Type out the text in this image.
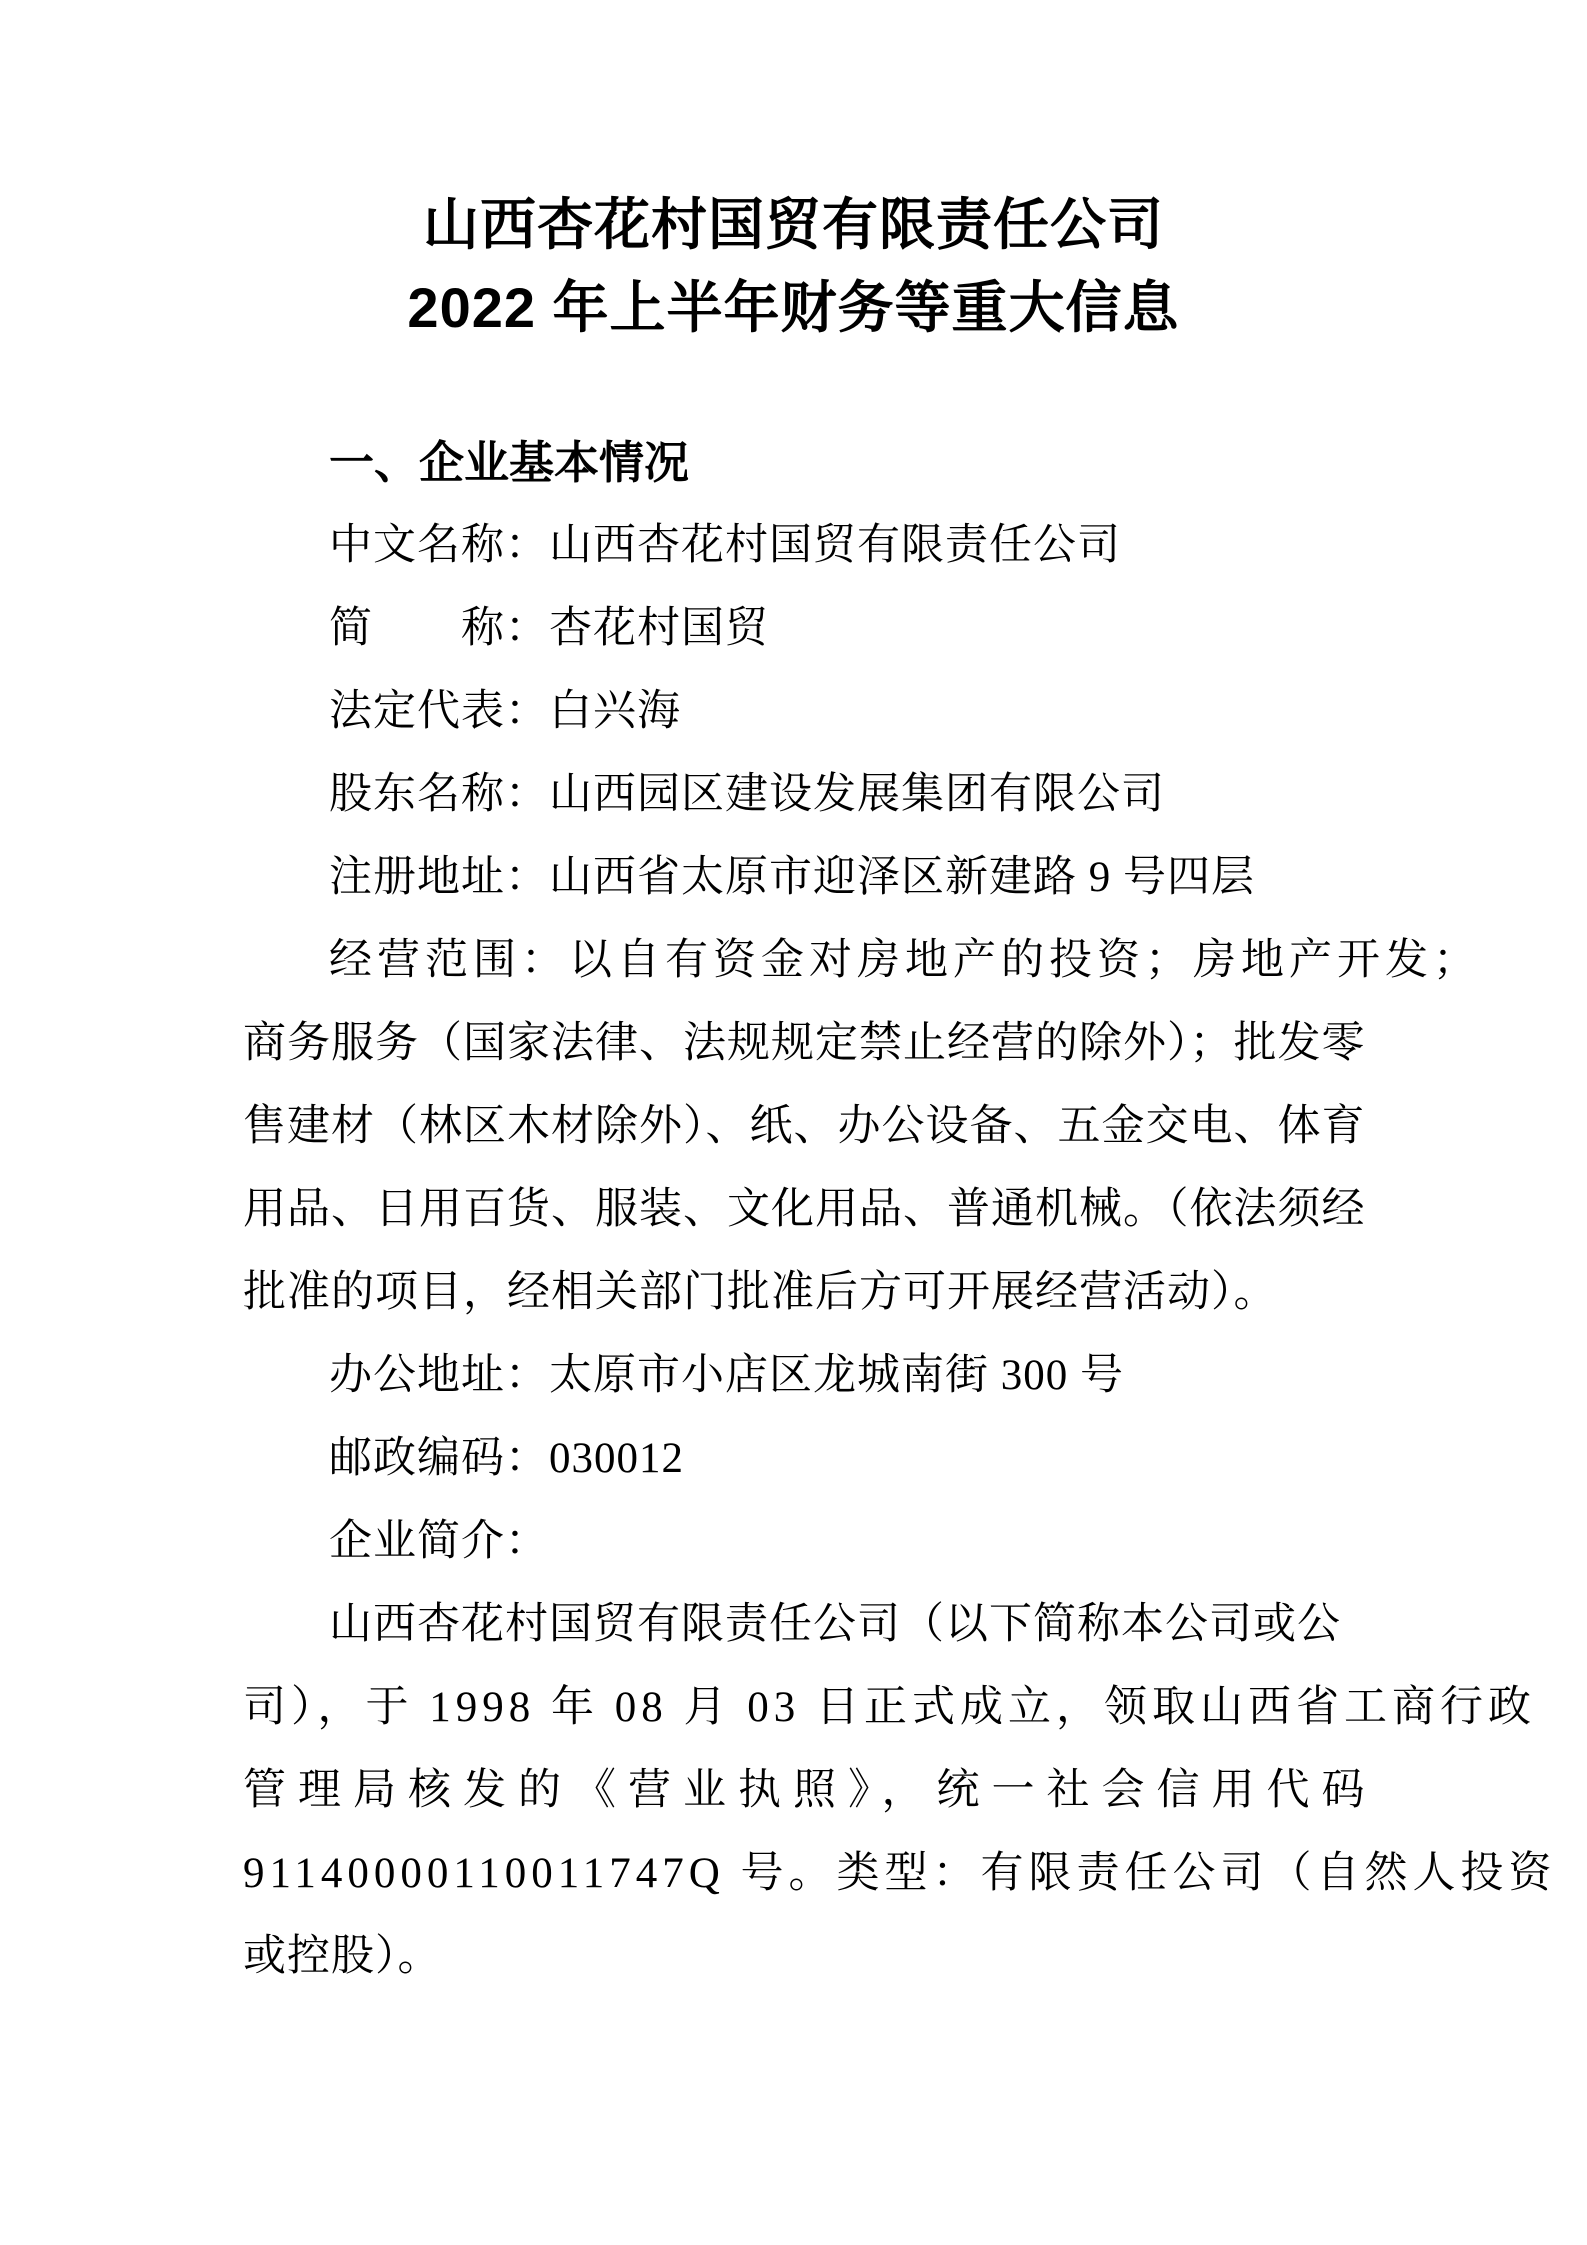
山西杏花村国贸有限责任公司
2022 年上半年财务等重大信息
一、企业基本情况
中文名称：山西杏花村国贸有限责任公司
简　　称：杏花村国贸
法定代表：白兴海
股东名称：山西园区建设发展集团有限公司
注册地址：山西省太原市迎泽区新建路 9 号四层
经营范围：以自有资金对房地产的投资；房地产开发；
商务服务（国家法律、法规规定禁止经营的除外）；批发零
售建材（林区木材除外）、纸、办公设备、五金交电、体育
用品、日用百货、服装、文化用品、普通机械。（依法须经
批准的项目，经相关部门批准后方可开展经营活动）。
办公地址：太原市小店区龙城南街 300 号
邮政编码：030012
企业简介：
山西杏花村国贸有限责任公司（以下简称本公司或公
司），于 1998 年 08 月 03 日正式成立，领取山西省工商行政
管理局核发的《营业执照》，统一社会信用代码
91140000110011747Q 号。类型：有限责任公司（自然人投资
或控股）。
